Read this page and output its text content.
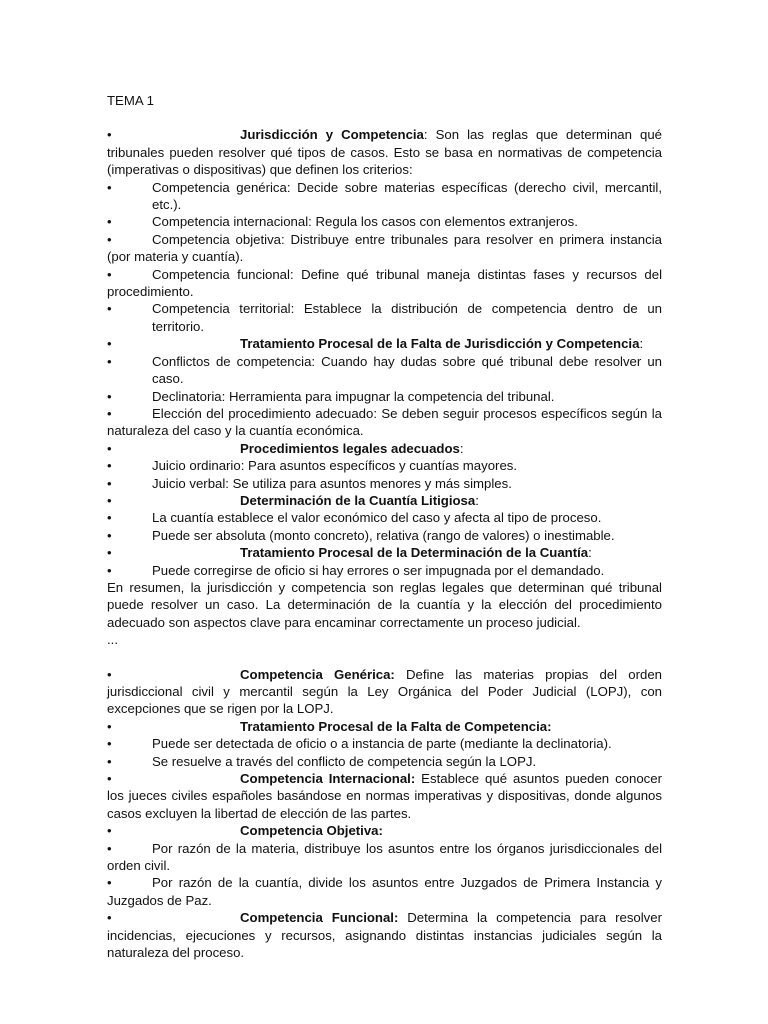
TEMA 1
•	Jurisdicción y Competencia: Son las reglas que determinan qué tribunales pueden resolver qué tipos de casos. Esto se basa en normativas de competencia (imperativas o dispositivas) que definen los criterios:
•	Competencia genérica: Decide sobre materias específicas (derecho civil, mercantil, etc.).
•	Competencia internacional: Regula los casos con elementos extranjeros.
•	Competencia objetiva: Distribuye entre tribunales para resolver en primera instancia (por materia y cuantía).
•	Competencia funcional: Define qué tribunal maneja distintas fases y recursos del procedimiento.
•	Competencia territorial: Establece la distribución de competencia dentro de un territorio.
•	Tratamiento Procesal de la Falta de Jurisdicción y Competencia:
•	Conflictos de competencia: Cuando hay dudas sobre qué tribunal debe resolver un caso.
•	Declinatoria: Herramienta para impugnar la competencia del tribunal.
•	Elección del procedimiento adecuado: Se deben seguir procesos específicos según la naturaleza del caso y la cuantía económica.
•	Procedimientos legales adecuados:
•	Juicio ordinario: Para asuntos específicos y cuantías mayores.
•	Juicio verbal: Se utiliza para asuntos menores y más simples.
•	Determinación de la Cuantía Litigiosa:
•	La cuantía establece el valor económico del caso y afecta al tipo de proceso.
•	Puede ser absoluta (monto concreto), relativa (rango de valores) o inestimable.
•	Tratamiento Procesal de la Determinación de la Cuantía:
•	Puede corregirse de oficio si hay errores o ser impugnada por el demandado.
En resumen, la jurisdicción y competencia son reglas legales que determinan qué tribunal puede resolver un caso. La determinación de la cuantía y la elección del procedimiento adecuado son aspectos clave para encaminar correctamente un proceso judicial.
...
•	Competencia Genérica: Define las materias propias del orden jurisdiccional civil y mercantil según la Ley Orgánica del Poder Judicial (LOPJ), con excepciones que se rigen por la LOPJ.
•	Tratamiento Procesal de la Falta de Competencia:
•	Puede ser detectada de oficio o a instancia de parte (mediante la declinatoria).
•	Se resuelve a través del conflicto de competencia según la LOPJ.
•	Competencia Internacional: Establece qué asuntos pueden conocer los jueces civiles españoles basándose en normas imperativas y dispositivas, donde algunos casos excluyen la libertad de elección de las partes.
•	Competencia Objetiva:
•	Por razón de la materia, distribuye los asuntos entre los órganos jurisdiccionales del orden civil.
•	Por razón de la cuantía, divide los asuntos entre Juzgados de Primera Instancia y Juzgados de Paz.
•	Competencia Funcional: Determina la competencia para resolver incidencias, ejecuciones y recursos, asignando distintas instancias judiciales según la naturaleza del proceso.
